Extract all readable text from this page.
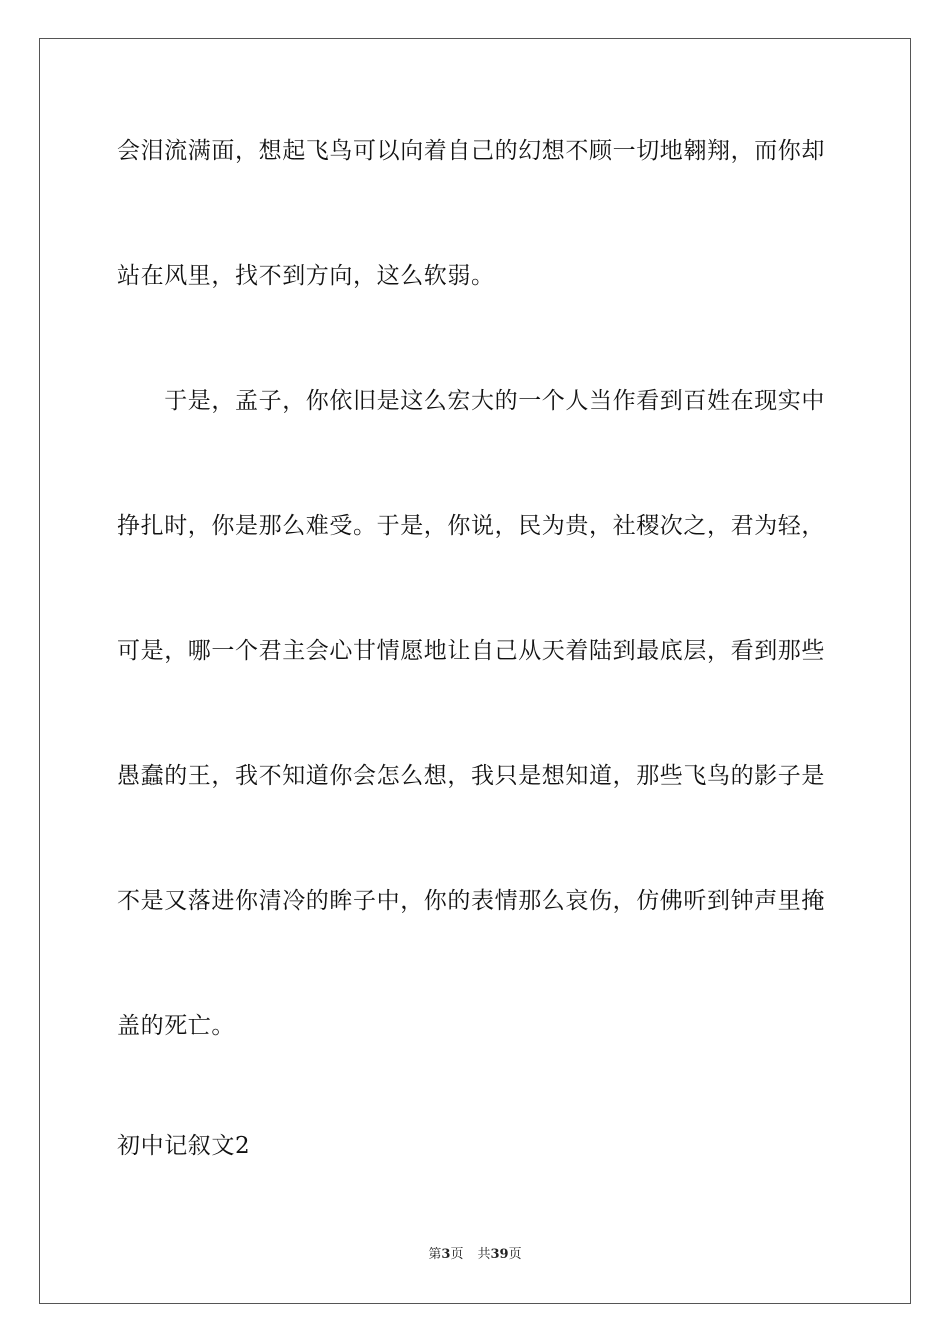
会泪流满面，想起飞鸟可以向着自己的幻想不顾一切地翱翔，而你却
站在风里，找不到方向，这么软弱。
　　于是，孟子，你依旧是这么宏大的一个人当作看到百姓在现实中
挣扎时，你是那么难受。于是，你说，民为贵，社稷次之，君为轻，
可是，哪一个君主会心甘情愿地让自己从天着陆到最底层，看到那些
愚蠢的王，我不知道你会怎么想，我只是想知道，那些飞鸟的影子是
不是又落进你清冷的眸子中，你的表情那么哀伤，仿佛听到钟声里掩
盖的死亡。
初中记叙文2
第3页 共39页
